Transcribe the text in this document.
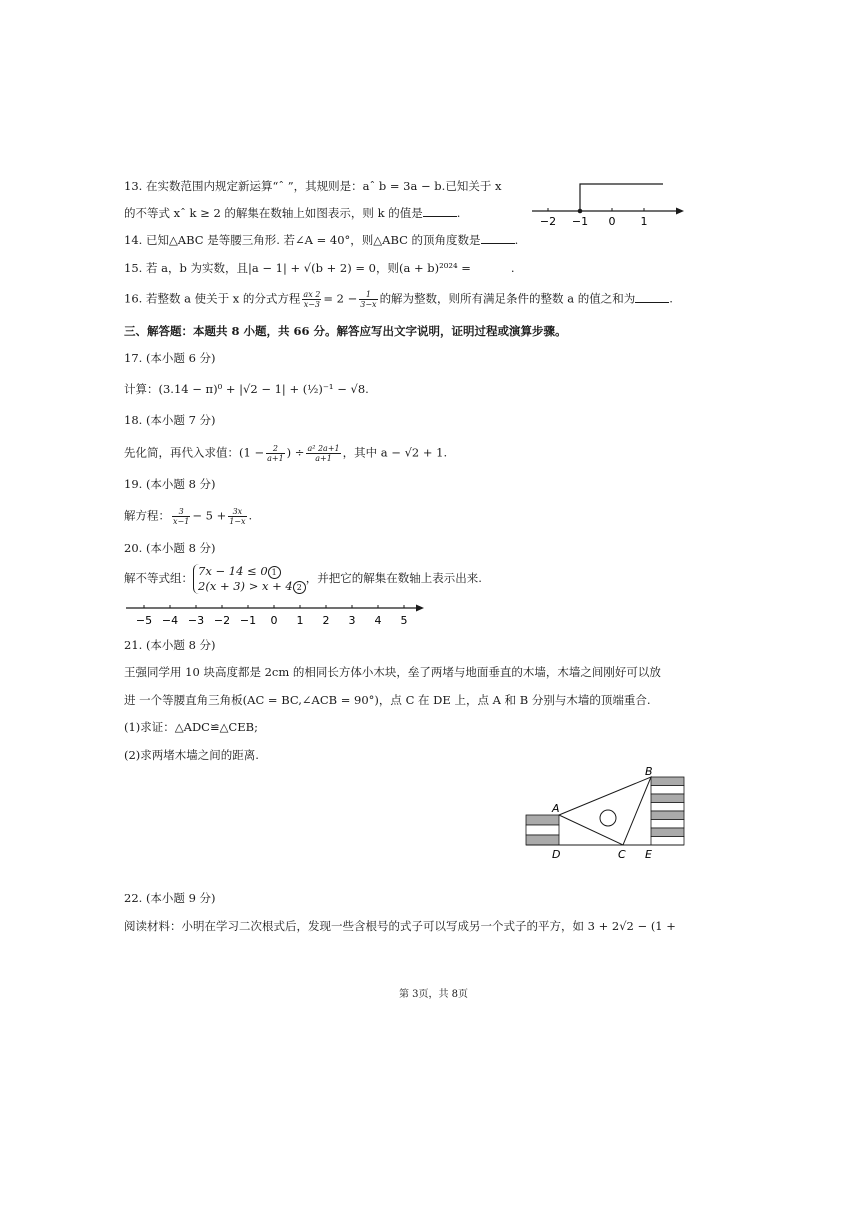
13. 在实数范围内规定新运算“ˆ ”，其规则是：aˆ b = 3a − b.已知关于 x
的不等式 xˆ k ≥ 2 的解集在数轴上如图表示，则 k 的值是	.
−2 −1 0 1
14. 已知△ABC 是等腰三角形. 若∠A = 40°，则△ABC 的顶角度数是	.
15. 若 a，b 为实数，且|a − 1| + √(b + 2) = 0，则(a + b)²⁰²⁴ =	.
16. 若整数 a 使关于 x 的分式方程 $\frac{ax 2}{x-3} = 2 - \frac{1}{3-x}$ 的解为整数，则所有满足条件的整数 a 的值之和为	.
三、解答题：本题共 8 小题，共 66 分。解答应写出文字说明，证明过程或演算步骤。
17. (本小题 6 分)
计算：(3.14 − π)⁰ + |√2 − 1| + (½)⁻¹ − √8.
18. (本小题 7 分)
先化简，再代入求值：($1 - \frac{2}{a+1}$ ) ÷ $\frac{\text{a² 2a+1}}{a+1}$ ，其中 a − √2 + 1.
19. (本小题 8 分)
解方程： $\frac{3}{x-1} - 5 + \frac{3x}{1-x}$ .
20. (本小题 8 分)
解不等式组： 7x − 14 ≤ 0 1
2(x + 3) > x + 4 2
，并把它的解集在数轴上表示出来.
−5 −4 −3 −2 −1 0 1 2 3 4 5
21. (本小题 8 分)
王强同学用 10 块高度都是 2cm 的相同长方体小木块，垒了两堵与地面垂直的木墙，木墙之间刚好可以放
进 一个等腰直角三角板(AC = BC,∠ACB = 90°)，点 C 在 DE 上，点 A 和 B 分别与木墙的顶端重合.
(1)求证：△ADC≌△CEB;
(2)求两堵木墙之间的距离.
A
B
C
D	E
22. (本小题 9 分)
阅读材料：小明在学习二次根式后，发现一些含根号的式子可以写成另一个式子的平方，如 3 + 2√2 − (1 +
第 3页，共 8页
